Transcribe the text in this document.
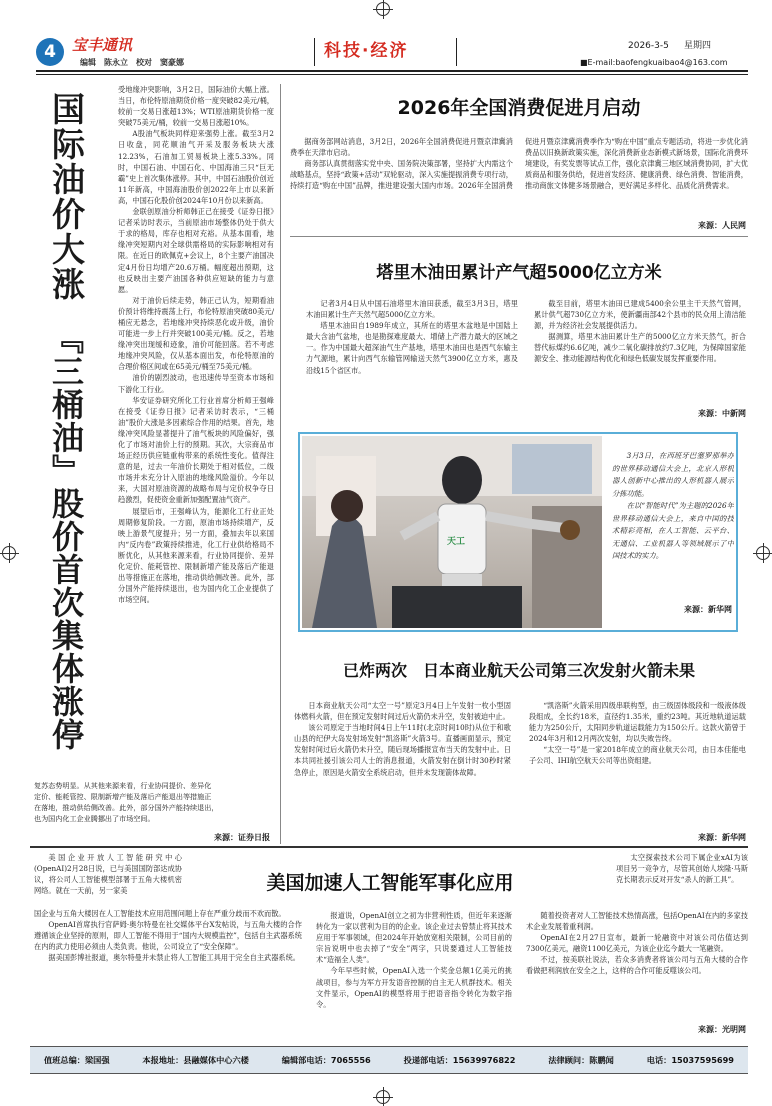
4	宝丰通讯
编辑　陈永立　校对　窦豪娜
科技·经济	2026-3-5 星期四
■E-mail:baofengkuaibao4@163.com
国际油价大涨
『三桶油』股价首次集体涨停

受地缘冲突影响，3月2日，国际油价大幅上涨。当日，布伦特原油期货价格一度突破82美元/桶，较前一交易日涨超13%；WTI原油期货价格一度突破75美元/桶，较前一交易日涨超10%。

A股油气板块同样迎来强势上涨。截至3月2日收盘，同花顺油气开采及服务板块大涨12.23%，石油加工贸易板块上涨5.33%。同时，中国石油、中国石化、中国海油三只“巨无霸”史上首次集体涨停。其中，中国石油股价创近11年新高，中国海油股价创2022年上市以来新高，中国石化股价创2024年10月份以来新高。

金联创原油分析师韩正己在接受《证券日报》记者采访时表示，当前原油市场整体仍处于供大于求的格局，库存也相对充裕。从基本面看，地缘冲突短期内对全球供需格局的实际影响相对有限。在近日的欧佩克+会议上，8个主要产油国决定4月份日均增产20.6万桶。幅度超出预期，这也反映出主要产油国各种供应短缺的能力与意愿。

对于油价后续走势，韩正己认为，短期看油价预计将维持震荡上行，布伦特原油突破80美元/桶应无悬念，若地缘冲突持续恶化或升级，油价可能进一步上行并突破100美元/桶。反之，若地缘冲突出现缓和迹象，油价可能回落。若不考虑地缘冲突风险，仅从基本面出发，布伦特原油的合理价格区间或在65美元/桶至75美元/桶。

油价的剧烈波动，也迅速传导至资本市场和下游化工行业。

华安证券研究所化工行业首席分析师王强峰在接受《证券日报》记者采访时表示，“三桶油”股价大涨是多因素综合作用的结果。首先，地缘冲突风险显著提升了油气板块的风险偏好，强化了市场对油价上行的预期。其次，大宗商品市场正经历供应链重构带来的系统性变化。值得注意的是，过去一年油价长期处于相对低位，二级市场并未充分计入原油的地缘风险溢价。今年以来，大国对原油资源的战略布局与定价权争夺日趋激烈，促使资金重新加强配置油气资产。

展望后市，王强峰认为，能源化工行业正处周期修复阶段。一方面，原油市场持续增产，反映上游景气度提升；另一方面，叠加去年以来国内“反内卷”政策持续推进，化工行业供给格局不断优化，从其他来源来看，行业协同提价、差异化定价、能耗管控、限制新增产能及落后产能退出等措施正在落地，推动供给侧改善。此外，部分国外产能持续退出，也为国内化工企业提供了市场空间。

复苏态势明显。从其他来源来看，行业协同提价、差异化
定价、能耗管控、限制新增产能及落后产能退出等措施正
在落地，推动供给侧改善。此外，部分国外产能持续退出，
也为国内化工企业腾挪出了市场空间。
来源：证券日报
2026年全国消费促进月启动

据商务部网站消息，3月2日，2026年全国消费促进月暨京津冀消费季在天津市启动。

商务部认真贯彻落实党中央、国务院决策部署，坚持扩大内需这个战略基点，坚持“政策+活动”双轮驱动，深入实施提振消费专项行动，持续打造“购在中国”品牌，推进建设强大国内市场。2026年全国消费促进月暨京津冀消费季作为“购在中国”重点专题活动，将进一步优化消费品以旧换新政策实施，深化消费新业态新模式新场景，国际化消费环境建设，有奖发票等试点工作，强化京津冀三地区域消费协同，扩大优质商品和服务供给，促进首发经济、健康消费、绿色消费、智能消费，推动商旅文体健多场景融合，更好满足多样化、品质化消费需求。

来源：人民网
塔里木油田累计产气超5000亿立方米

记者3月4日从中国石油塔里木油田获悉，截至3月3日，塔里木油田累计生产天然气超5000亿立方米。

塔里木油田自1989年成立，其所在的塔里木盆地是中国陆上最大含油气盆地，也是勘探难度最大、增储上产潜力最大的区域之一。作为中国最大超深油气生产基地，塔里木油田也是西气东输主力气源地，累计向西气东输管网输送天然气3900亿立方米，惠及沿线15个省区市。

截至目前，塔里木油田已建成5400余公里主干天然气管网，累计供气超730亿立方米，使新疆南部42个县市的民众用上清洁能源，并为经济社会发展提供活力。

据测算，塔里木油田累计生产的5000亿立方米天然气，折合替代标煤约6.6亿吨，减少二氧化碳排放约7.3亿吨，为保障国家能源安全、推动能源结构优化和绿色低碳发展发挥重要作用。

来源：中新网
天工

3月3日，在西班牙巴塞罗那举办的世界移动通信大会上，北京人形机器人创新中心推出的人形机器人展示分拣功能。

在以“智能时代”为主题的2026年世界移动通信大会上，来自中国的技术精彩亮相，在人工智能、云平台、无通信、工业机器人等领域展示了中国技术的实力。

来源：新华网
已炸两次　日本商业航天公司第三次发射火箭未果

日本商业航天公司“太空一号”原定3月4日上午发射一枚小型固体燃料火箭，但在预定发射时间过后火箭仍未升空，发射被迫中止。

该公司原定于当地时间4日上午11时(北京时间10时)从位于和歌山县的纪伊大岛发射场发射“凯洛斯”火箭3号。直播画面显示，预定发射时间过后火箭仍未升空，随后现场播报宣布当天的发射中止。日本共同社援引该公司人士的消息报道，火箭发射在倒计时30秒时紧急停止，原因是火箭安全系统启动，但并未发现箭体故障。

“凯洛斯”火箭采用四级串联构型，由三级固体级段和一级液体级段组成，全长约18米，直径约1.35米，重约23吨。其近地轨道运载能力为250公斤，太阳同步轨道运载能力为150公斤。这款火箭曾于2024年3月和12月两次发射，均以失败告终。

“太空一号”是一家2018年成立的商业航天公司，由日本佳能电子公司、IHI航空航天公司等出资组建。

来源：新华网
美国加速人工智能军事化应用
美国企业开放人工智能研究中心(OpenAI)2月28日说，已与美国国防部达成协议，将公司人工智能模型部署于五角大楼机密网络。就在一天前，另一家美

国企业与五角大楼因在人工智能技术应用范围问题上存在严重分歧而不欢而散。

OpenAI首席执行官萨姆·奥尔特曼在社交媒体平台X发帖说，与五角大楼的合作遵循该企业坚持的原则，即人工智能不得用于“国内大规模监控”，包括自主武器系统在内的武力使用必须由人类负责。他说，公司设立了“安全保障”。

据美国彭博社报道，奥尔特曼并未禁止将人工智能工具用于完全自主武器系统。

报道说，OpenAI创立之初为非营利性质，但近年来逐渐转化为一家以营利为目的的企业。该企业过去曾禁止将其技术应用于军事领域，但2024年开始放宽相关限制，公司目前的宗旨说明中也去掉了“安全”两字，只说要通过人工智能技术“造福全人类”。

今年早些时候，OpenAI入选一个奖金总额1亿美元的挑战项目，参与为军方开发语音控制的自主无人机群技术。相关文件显示，OpenAI的模型将用于把语音指令转化为数字指令。

太空探索技术公司下属企业xAI为该项目另一竞争方，尽管其创始人埃隆·马斯克长期表示反对开发“杀人的新工具”。

随着投资者对人工智能技术热情高涨，包括OpenAI在内的多家技术企业发展着重利润。

OpenAI在2月27日宣布，最新一轮融资中对该公司估值达到7300亿美元，融资1100亿美元，为该企业迄今最大一笔融资。

不过，按美联社说法，若众多消费者将该公司与五角大楼的合作看做把利润放在安全之上，这样的合作可能反噬该公司。

来源：光明网
值班总编：梁国强	本报地址：县融媒体中心六楼	编辑部电话：7065556	投递部电话：15639976822	法律顾问：陈鹏闻	电话：15037595699
